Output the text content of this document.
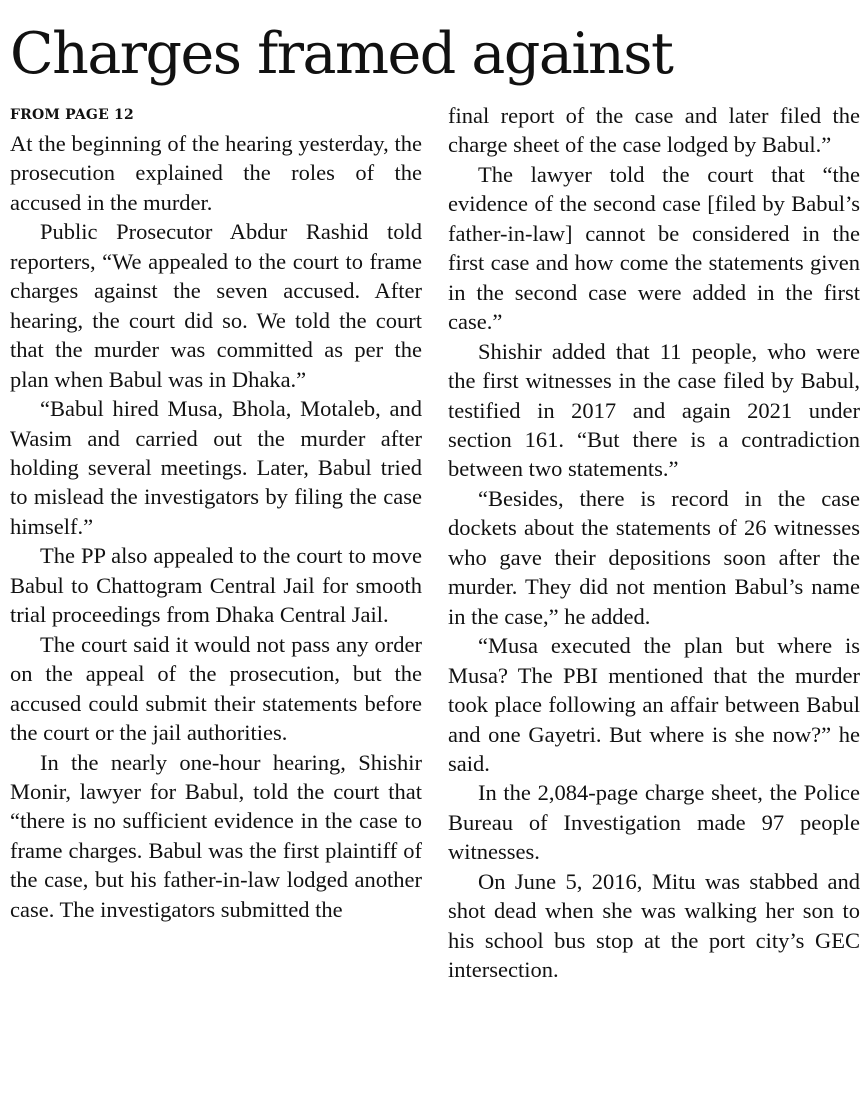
Charges framed against
FROM PAGE 12

At the beginning of the hearing yesterday, the prosecution explained the roles of the accused in the murder.

Public Prosecutor Abdur Rashid told reporters, “We appealed to the court to frame charges against the seven accused. After hearing, the court did so. We told the court that the murder was committed as per the plan when Babul was in Dhaka.”

“Babul hired Musa, Bhola, Motaleb, and Wasim and carried out the murder after holding several meetings. Later, Babul tried to mislead the investigators by filing the case himself.”

The PP also appealed to the court to move Babul to Chattogram Central Jail for smooth trial proceedings from Dhaka Central Jail.

The court said it would not pass any order on the appeal of the prosecution, but the accused could submit their statements before the court or the jail authorities.

In the nearly one-hour hearing, Shishir Monir, lawyer for Babul, told the court that “there is no sufficient evidence in the case to frame charges. Babul was the first plaintiff of the case, but his father-in-law lodged another case. The investigators submitted the

final report of the case and later filed the charge sheet of the case lodged by Babul.”

The lawyer told the court that “the evidence of the second case [filed by Babul’s father-in-law] cannot be considered in the first case and how come the statements given in the second case were added in the first case.”

Shishir added that 11 people, who were the first witnesses in the case filed by Babul, testified in 2017 and again 2021 under section 161. “But there is a contradiction between two statements.”

“Besides, there is record in the case dockets about the statements of 26 witnesses who gave their depositions soon after the murder. They did not mention Babul’s name in the case,” he added.

“Musa executed the plan but where is Musa? The PBI mentioned that the murder took place following an affair between Babul and one Gayetri. But where is she now?” he said.

In the 2,084-page charge sheet, the Police Bureau of Investigation made 97 people witnesses.

On June 5, 2016, Mitu was stabbed and shot dead when she was walking her son to his school bus stop at the port city’s GEC intersection.
